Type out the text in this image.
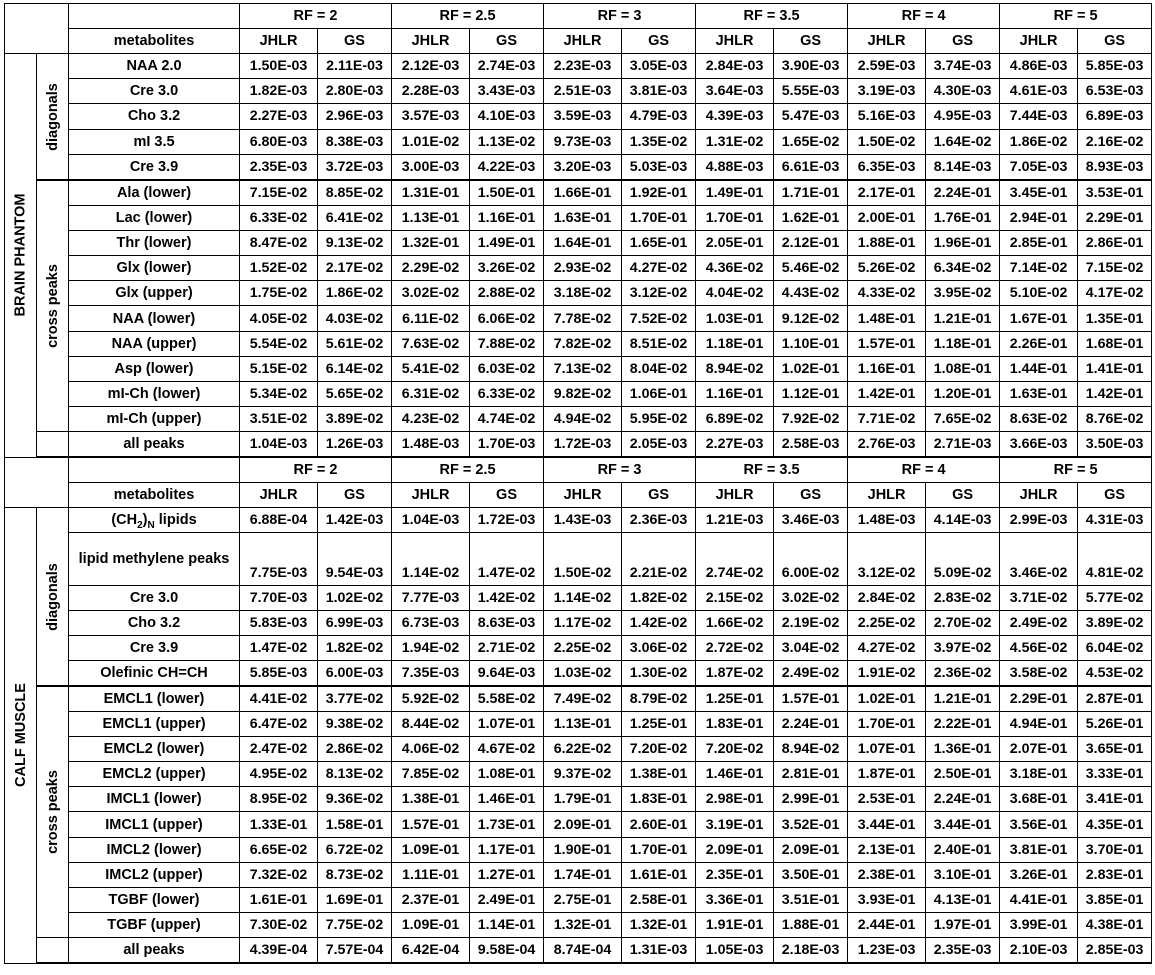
			RF = 2		RF = 2.5		RF = 3		RF = 3.5		RF = 4		RF = 5	
		metabolites	JHLR	GS	JHLR	GS	JHLR	GS	JHLR	GS	JHLR	GS	JHLR	GS

BRAIN PHANTOM	diagonals	NAA 2.0	1.50E-03	2.11E-03	2.12E-03	2.74E-03	2.23E-03	3.05E-03	2.84E-03	3.90E-03	2.59E-03	3.74E-03	4.86E-03	5.85E-03
		Cre 3.0	1.82E-03	2.80E-03	2.28E-03	3.43E-03	2.51E-03	3.81E-03	3.64E-03	5.55E-03	3.19E-03	4.30E-03	4.61E-03	6.53E-03
		Cho 3.2	2.27E-03	2.96E-03	3.57E-03	4.10E-03	3.59E-03	4.79E-03	4.39E-03	5.47E-03	5.16E-03	4.95E-03	7.44E-03	6.89E-03
		mI 3.5	6.80E-03	8.38E-03	1.01E-02	1.13E-02	9.73E-03	1.35E-02	1.31E-02	1.65E-02	1.50E-02	1.64E-02	1.86E-02	2.16E-02
		Cre 3.9	2.35E-03	3.72E-03	3.00E-03	4.22E-03	3.20E-03	5.03E-03	4.88E-03	6.61E-03	6.35E-03	8.14E-03	7.05E-03	8.93E-03

	cross peaks	Ala (lower)	7.15E-02	8.85E-02	1.31E-01	1.50E-01	1.66E-01	1.92E-01	1.49E-01	1.71E-01	2.17E-01	2.24E-01	3.45E-01	3.53E-01
		Lac (lower)	6.33E-02	6.41E-02	1.13E-01	1.16E-01	1.63E-01	1.70E-01	1.70E-01	1.62E-01	2.00E-01	1.76E-01	2.94E-01	2.29E-01
		Thr (lower)	8.47E-02	9.13E-02	1.32E-01	1.49E-01	1.64E-01	1.65E-01	2.05E-01	2.12E-01	1.88E-01	1.96E-01	2.85E-01	2.86E-01
		Glx (lower)	1.52E-02	2.17E-02	2.29E-02	3.26E-02	2.93E-02	4.27E-02	4.36E-02	5.46E-02	5.26E-02	6.34E-02	7.14E-02	7.15E-02
		Glx (upper)	1.75E-02	1.86E-02	3.02E-02	2.88E-02	3.18E-02	3.12E-02	4.04E-02	4.43E-02	4.33E-02	3.95E-02	5.10E-02	4.17E-02
		NAA (lower)	4.05E-02	4.03E-02	6.11E-02	6.06E-02	7.78E-02	7.52E-02	1.03E-01	9.12E-02	1.48E-01	1.21E-01	1.67E-01	1.35E-01
		NAA (upper)	5.54E-02	5.61E-02	7.63E-02	7.88E-02	7.82E-02	8.51E-02	1.18E-01	1.10E-01	1.57E-01	1.18E-01	2.26E-01	1.68E-01
		Asp (lower)	5.15E-02	6.14E-02	5.41E-02	6.03E-02	7.13E-02	8.04E-02	8.94E-02	1.02E-01	1.16E-01	1.08E-01	1.44E-01	1.41E-01
		mI-Ch (lower)	5.34E-02	5.65E-02	6.31E-02	6.33E-02	9.82E-02	1.06E-01	1.16E-01	1.12E-01	1.42E-01	1.20E-01	1.63E-01	1.42E-01
		mI-Ch (upper)	3.51E-02	3.89E-02	4.23E-02	4.74E-02	4.94E-02	5.95E-02	6.89E-02	7.92E-02	7.71E-02	7.65E-02	8.63E-02	8.76E-02
		all peaks	1.04E-03	1.26E-03	1.48E-03	1.70E-03	1.72E-03	2.05E-03	2.27E-03	2.58E-03	2.76E-03	2.71E-03	3.66E-03	3.50E-03
			RF = 2		RF = 2.5		RF = 3		RF = 3.5		RF = 4		RF = 5	
		metabolites	JHLR	GS	JHLR	GS	JHLR	GS	JHLR	GS	JHLR	GS	JHLR	GS

CALF MUSCLE	diagonals	$(CH_2)_N$ lipids	6.88E-04	1.42E-03	1.04E-03	1.72E-03	1.43E-03	2.36E-03	1.21E-03	3.46E-03	1.48E-03	4.14E-03	2.99E-03	4.31E-03
		lipid methylene peaks	7.75E-03	9.54E-03	1.14E-02	1.47E-02	1.50E-02	2.21E-02	2.74E-02	6.00E-02	3.12E-02	5.09E-02	3.46E-02	4.81E-02
		Cre 3.0	7.70E-03	1.02E-02	7.77E-03	1.42E-02	1.14E-02	1.82E-02	2.15E-02	3.02E-02	2.84E-02	2.83E-02	3.71E-02	5.77E-02
		Cho 3.2	5.83E-03	6.99E-03	6.73E-03	8.63E-03	1.17E-02	1.42E-02	1.66E-02	2.19E-02	2.25E-02	2.70E-02	2.49E-02	3.89E-02
		Cre 3.9	1.47E-02	1.82E-02	1.94E-02	2.71E-02	2.25E-02	3.06E-02	2.72E-02	3.04E-02	4.27E-02	3.97E-02	4.56E-02	6.04E-02
		Olefinic CH=CH	5.85E-03	6.00E-03	7.35E-03	9.64E-03	1.03E-02	1.30E-02	1.87E-02	2.49E-02	1.91E-02	2.36E-02	3.58E-02	4.53E-02

	cross peaks	EMCL1 (lower)	4.41E-02	3.77E-02	5.92E-02	5.58E-02	7.49E-02	8.79E-02	1.25E-01	1.57E-01	1.02E-01	1.21E-01	2.29E-01	2.87E-01
		EMCL1 (upper)	6.47E-02	9.38E-02	8.44E-02	1.07E-01	1.13E-01	1.25E-01	1.83E-01	2.24E-01	1.70E-01	2.22E-01	4.94E-01	5.26E-01
		EMCL2 (lower)	2.47E-02	2.86E-02	4.06E-02	4.67E-02	6.22E-02	7.20E-02	7.20E-02	8.94E-02	1.07E-01	1.36E-01	2.07E-01	3.65E-01
		EMCL2 (upper)	4.95E-02	8.13E-02	7.85E-02	1.08E-01	9.37E-02	1.38E-01	1.46E-01	2.81E-01	1.87E-01	2.50E-01	3.18E-01	3.33E-01
		IMCL1 (lower)	8.95E-02	9.36E-02	1.38E-01	1.46E-01	1.79E-01	1.83E-01	2.98E-01	2.99E-01	2.53E-01	2.24E-01	3.68E-01	3.41E-01
		IMCL1 (upper)	1.33E-01	1.58E-01	1.57E-01	1.73E-01	2.09E-01	2.60E-01	3.19E-01	3.52E-01	3.44E-01	3.44E-01	3.56E-01	4.35E-01
		IMCL2 (lower)	6.65E-02	6.72E-02	1.09E-01	1.17E-01	1.90E-01	1.70E-01	2.09E-01	2.09E-01	2.13E-01	2.40E-01	3.81E-01	3.70E-01
		IMCL2 (upper)	7.32E-02	8.73E-02	1.11E-01	1.27E-01	1.74E-01	1.61E-01	2.35E-01	3.50E-01	2.38E-01	3.10E-01	3.26E-01	2.83E-01
		TGBF (lower)	1.61E-01	1.69E-01	2.37E-01	2.49E-01	2.75E-01	2.58E-01	3.36E-01	3.51E-01	3.93E-01	4.13E-01	4.41E-01	3.85E-01
		TGBF (upper)	7.30E-02	7.75E-02	1.09E-01	1.14E-01	1.32E-01	1.32E-01	1.91E-01	1.88E-01	2.44E-01	1.97E-01	3.99E-01	4.38E-01
		all peaks	4.39E-04	7.57E-04	6.42E-04	9.58E-04	8.74E-04	1.31E-03	1.05E-03	2.18E-03	1.23E-03	2.35E-03	2.10E-03	2.85E-03
